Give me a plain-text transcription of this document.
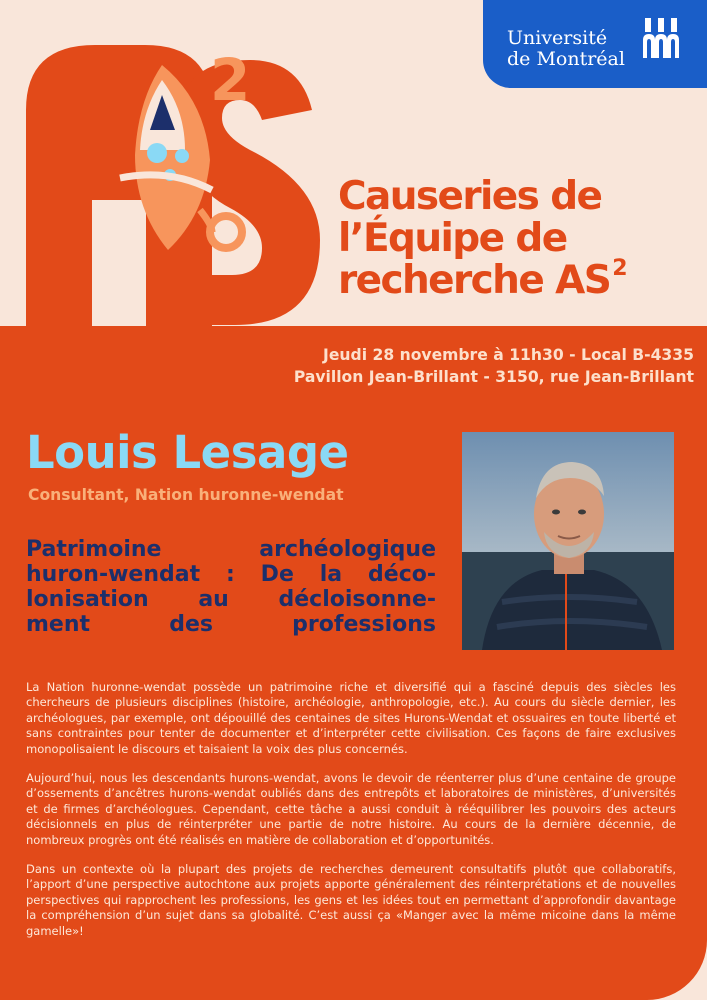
2
Université
de Montréal
Causeries de
l’Équipe de
recherche $AS^2$
Jeudi 28 novembre à 11h30 - Local B-4335
Pavillon Jean-Brillant - 3150, rue Jean-Brillant
Louis Lesage
Consultant, Nation huronne-wendat
Patrimoine archéologique
huron-wendat : De la déco-
lonisation au décloisonne-
ment des professions

La Nation huronne-wendat possède un patrimoine riche et diversifié qui a fasciné depuis des siècles les chercheurs de plusieurs disciplines (histoire, archéologie, anthropologie, etc.). Au cours du siècle dernier, les archéologues, par exemple, ont dépouillé des centaines de sites Hurons-Wendat et ossuaires en toute liberté et sans contraintes pour tenter de documenter et d’interpréter cette civilisation. Ces façons de faire exclusives monopolisaient le discours et taisaient la voix des plus concernés.

Aujourd’hui, nous les descendants hurons-wendat, avons le devoir de réenterrer plus d’une centaine de groupe d’ossements d’ancêtres hurons-wendat oubliés dans des entrepôts et laboratoires de ministères, d’universités et de firmes d’archéologues. Cependant, cette tâche a aussi conduit à rééquilibrer les pouvoirs des acteurs décisionnels en plus de réinterpréter une partie de notre histoire. Au cours de la dernière décennie, de nombreux progrès ont été réalisés en matière de collaboration et d’opportunités.

Dans un contexte où la plupart des projets de recherches demeurent consultatifs plutôt que collaboratifs, l’apport d’une perspective autochtone aux projets apporte généralement des réinterprétations et de nouvelles perspectives qui rapprochent les professions, les gens et les idées tout en permettant d’approfondir davantage la compréhension d’un sujet dans sa globalité. C’est aussi ça «Manger avec la même micoine dans la même gamelle»!
